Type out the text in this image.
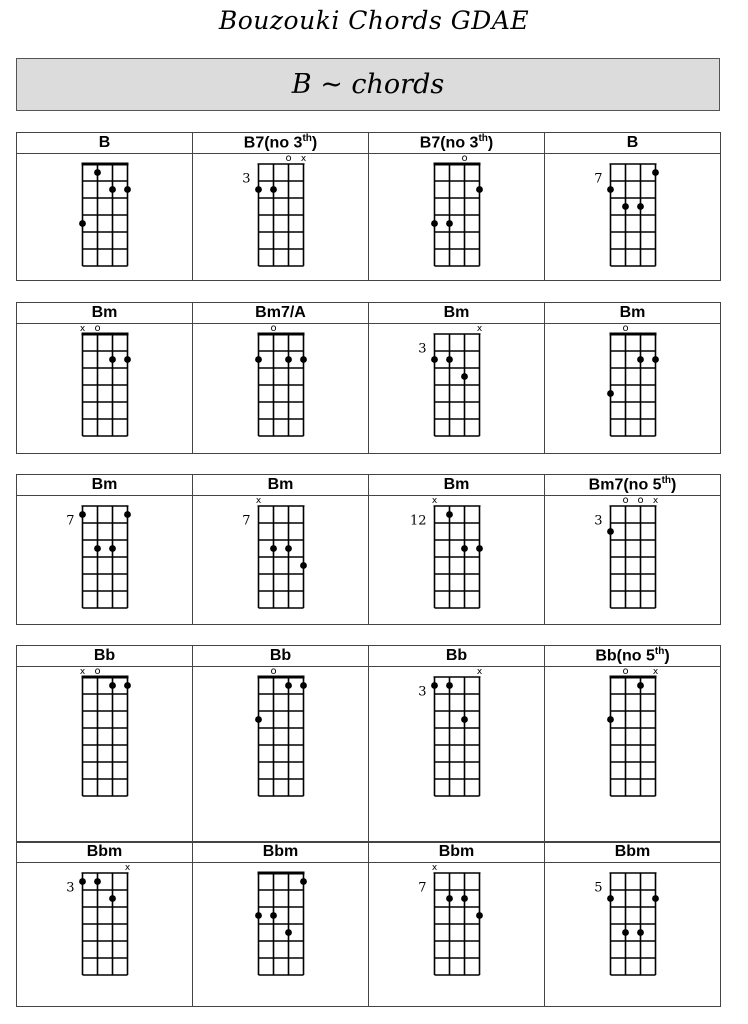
Bouzouki Chords GDAE
B ~ chords
B	B7(no 3th)	B7(no 3th)	B

o x
3	o	7
Bm	Bm7/A	Bm	Bm

x o	o	x
3	o
Bm	Bm	Bm	Bm7(no 5th)

7	x
7	x
12	o o x
3
Bb	Bb	Bb	Bb(no 5th)

x o	o	x
3	o x
Bbm	Bbm	Bbm	Bbm

x
3		x
7	5
